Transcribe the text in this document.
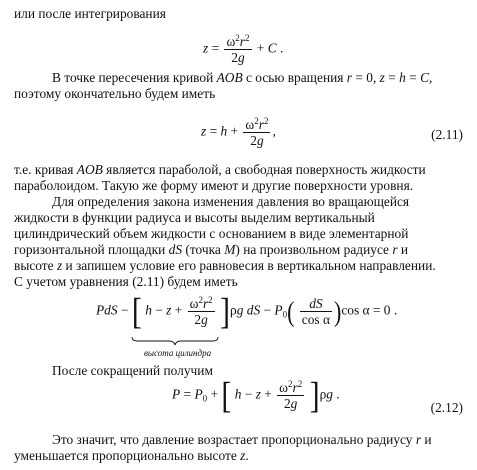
или после интегрирования
$z = \frac{\omega^2r^2}{2g} + C$ .
В точке пересечения кривой AOB с осью вращения r = 0, z = h = C,
поэтому окончательно будем иметь
$z = h + \frac{\omega^2r^2}{2g}$ ,	(2.11)
т.е. кривая AOB является параболой, а свободная поверхность жидкости
параболоидом. Такую же форму имеют и другие поверхности уровня.
Для определения закона изменения давления во вращающейся
жидкости в функции радиуса и высоты выделим вертикальный
цилиндрический объем жидкости с основанием в виде элементарной
горизонтальной площадки dS (точка M) на произвольном радиусе r и
высоте z и запишем условие его равновесия в вертикальном направлении.
С учетом уравнения (2.11) будем иметь
PdS − [ $h - z + \frac{\omega^2r^2}{2g} ]\rho g$ dS − $P_0( \frac{dS}{\text{cos α}} )\cos$ α = 0 .
высота цилиндра
После сокращений получим
$P = P_0$ + [ $h - z + \frac{\omega^2r^2}{2g} ]\rho g$ .
(2.12)
Это значит, что давление возрастает пропорционально радиусу r и
уменьшается пропорционально высоте z.
